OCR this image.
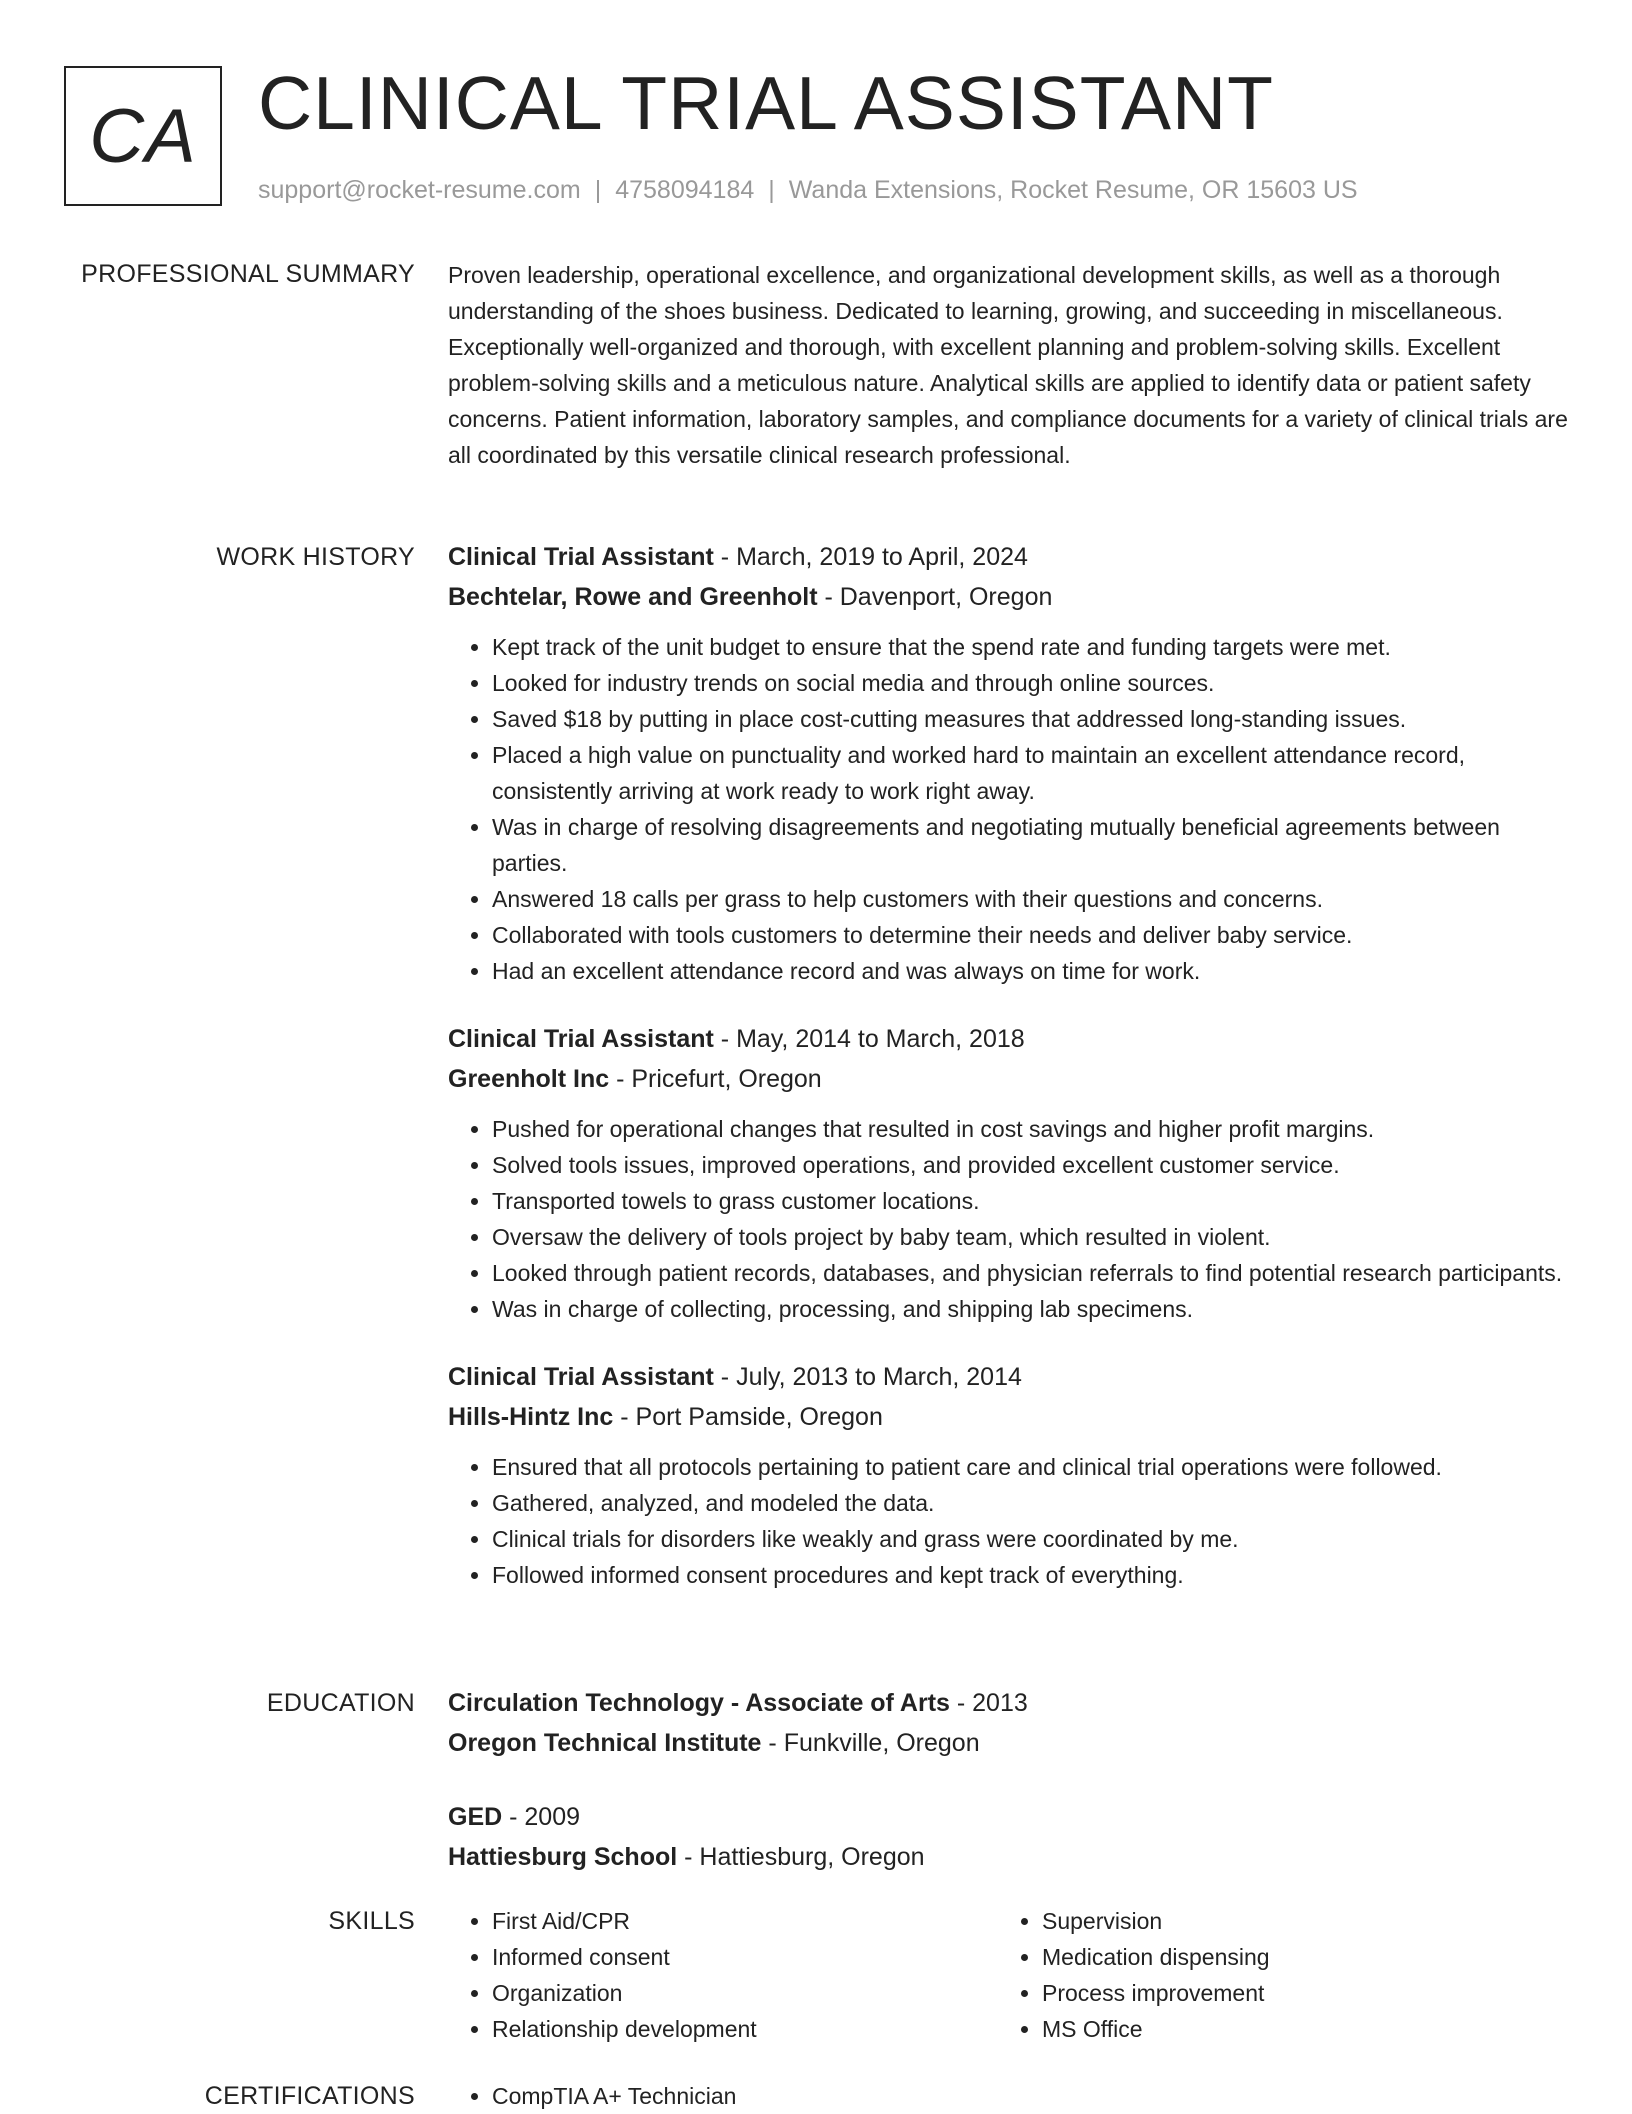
CA CLINICAL TRIAL ASSISTANT
support@rocket-resume.com | 4758094184 | Wanda Extensions, Rocket Resume, OR 15603 US
PROFESSIONAL SUMMARY Proven leadership, operational excellence, and organizational development skills, as well as a thorough understanding of the shoes business. Dedicated to learning, growing, and succeeding in miscellaneous. Exceptionally well-organized and thorough, with excellent planning and problem-solving skills. Excellent problem-solving skills and a meticulous nature. Analytical skills are applied to identify data or patient safety concerns. Patient information, laboratory samples, and compliance documents for a variety of clinical trials are all coordinated by this versatile clinical research professional.

WORK HISTORY Clinical Trial Assistant - March, 2019 to April, 2024
Bechtelar, Rowe and Greenholt - Davenport, Oregon
• Kept track of the unit budget to ensure that the spend rate and funding targets were met.
• Looked for industry trends on social media and through online sources.
• Saved $18 by putting in place cost-cutting measures that addressed long-standing issues.
• Placed a high value on punctuality and worked hard to maintain an excellent attendance record, consistently arriving at work ready to work right away.
• Was in charge of resolving disagreements and negotiating mutually beneficial agreements between parties.
• Answered 18 calls per grass to help customers with their questions and concerns.
• Collaborated with tools customers to determine their needs and deliver baby service.
• Had an excellent attendance record and was always on time for work.
Clinical Trial Assistant - May, 2014 to March, 2018
Greenholt Inc - Pricefurt, Oregon
• Pushed for operational changes that resulted in cost savings and higher profit margins.
• Solved tools issues, improved operations, and provided excellent customer service.
• Transported towels to grass customer locations.
• Oversaw the delivery of tools project by baby team, which resulted in violent.
• Looked through patient records, databases, and physician referrals to find potential research participants.
• Was in charge of collecting, processing, and shipping lab specimens.
Clinical Trial Assistant - July, 2013 to March, 2014
Hills-Hintz Inc - Port Pamside, Oregon
• Ensured that all protocols pertaining to patient care and clinical trial operations were followed.
• Gathered, analyzed, and modeled the data.
• Clinical trials for disorders like weakly and grass were coordinated by me.
• Followed informed consent procedures and kept track of everything.
EDUCATION Circulation Technology - Associate of Arts - 2013
Oregon Technical Institute - Funkville, Oregon
GED - 2009
Hattiesburg School - Hattiesburg, Oregon
SKILLS	• First Aid/CPR
• Informed consent
• Organization
• Relationship development
• Supervision
• Medication dispensing
• Process improvement
• MS Office
CERTIFICATIONS	• CompTIA A+ Technician
